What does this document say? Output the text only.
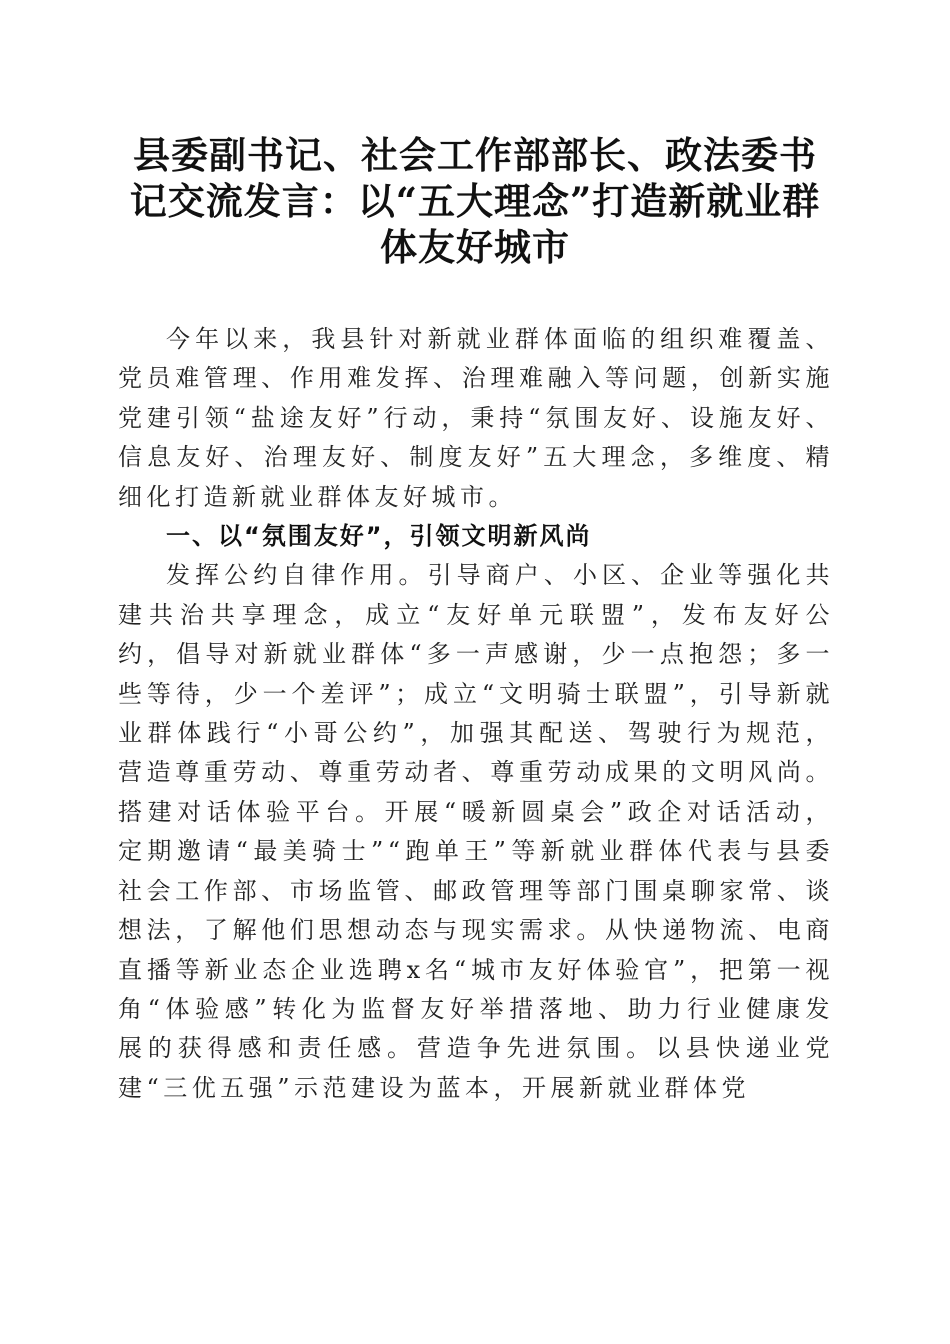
县委副书记、社会工作部部长、政法委书记交流发言：以“五大理念”打造新就业群体友好城市

今年以来，我县针对新就业群体面临的组织难覆盖、党员难管理、作用难发挥、治理难融入等问题，创新实施党建引领“盐途友好”行动，秉持“氛围友好、设施友好、信息友好、治理友好、制度友好”五大理念，多维度、精细化打造新就业群体友好城市。

一、以“氛围友好”，引领文明新风尚

发挥公约自律作用。引导商户、小区、企业等强化共建共治共享理念，成立“友好单元联盟”，发布友好公约，倡导对新就业群体“多一声感谢，少一点抱怨；多一些等待，少一个差评”；成立“文明骑士联盟”，引导新就业群体践行“小哥公约”，加强其配送、驾驶行为规范，营造尊重劳动、尊重劳动者、尊重劳动成果的文明风尚。搭建对话体验平台。开展“暖新圆桌会”政企对话活动，定期邀请“最美骑士”“跑单王”等新就业群体代表与县委社会工作部、市场监管、邮政管理等部门围桌聊家常、谈想法，了解他们思想动态与现实需求。从快递物流、电商直播等新业态企业选聘x名“城市友好体验官”，把第一视角“体验感”转化为监督友好举措落地、助力行业健康发展的获得感和责任感。营造争先进氛围。以县快递业党建“三优五强”示范建设为蓝本，开展新就业群体党
